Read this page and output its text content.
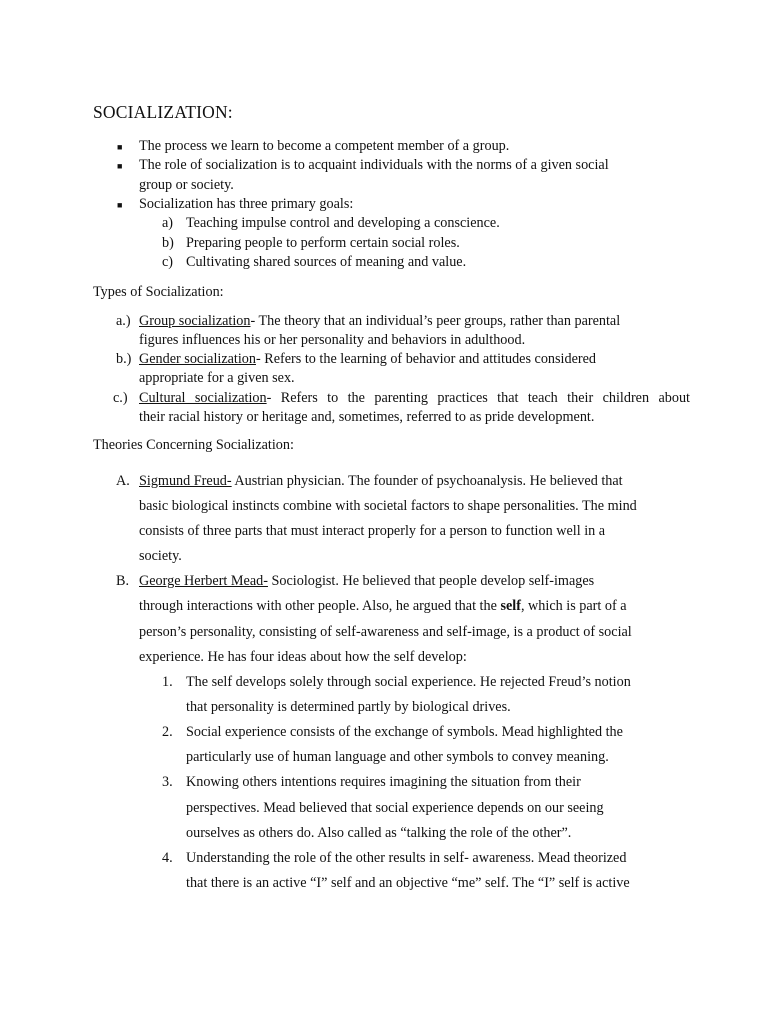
SOCIALIZATION:
■ The process we learn to become a competent member of a group.
■ The role of socialization is to acquaint individuals with the norms of a given social
group or society.
■ Socialization has three primary goals:
a) Teaching impulse control and developing a conscience.
b) Preparing people to perform certain social roles.
c) Cultivating shared sources of meaning and value.
Types of Socialization:
a.) Group socialization- The theory that an individual’s peer groups, rather than parental
figures influences his or her personality and behaviors in adulthood.
b.) Gender socialization- Refers to the learning of behavior and attitudes considered
appropriate for a given sex.
c.) Cultural socialization- Refers to the parenting practices that teach their children about
their racial history or heritage and, sometimes, referred to as pride development.
Theories Concerning Socialization:
A. Sigmund Freud- Austrian physician. The founder of psychoanalysis. He believed that
basic biological instincts combine with societal factors to shape personalities. The mind
consists of three parts that must interact properly for a person to function well in a
society.
B. George Herbert Mead- Sociologist. He believed that people develop self-images
through interactions with other people. Also, he argued that the self, which is part of a
person’s personality, consisting of self-awareness and self-image, is a product of social
experience. He has four ideas about how the self develop:
1. The self develops solely through social experience. He rejected Freud’s notion
that personality is determined partly by biological drives.
2. Social experience consists of the exchange of symbols. Mead highlighted the
particularly use of human language and other symbols to convey meaning.
3. Knowing others intentions requires imagining the situation from their
perspectives. Mead believed that social experience depends on our seeing
ourselves as others do. Also called as “talking the role of the other”.
4. Understanding the role of the other results in self- awareness. Mead theorized
that there is an active “I” self and an objective “me” self. The “I” self is active
